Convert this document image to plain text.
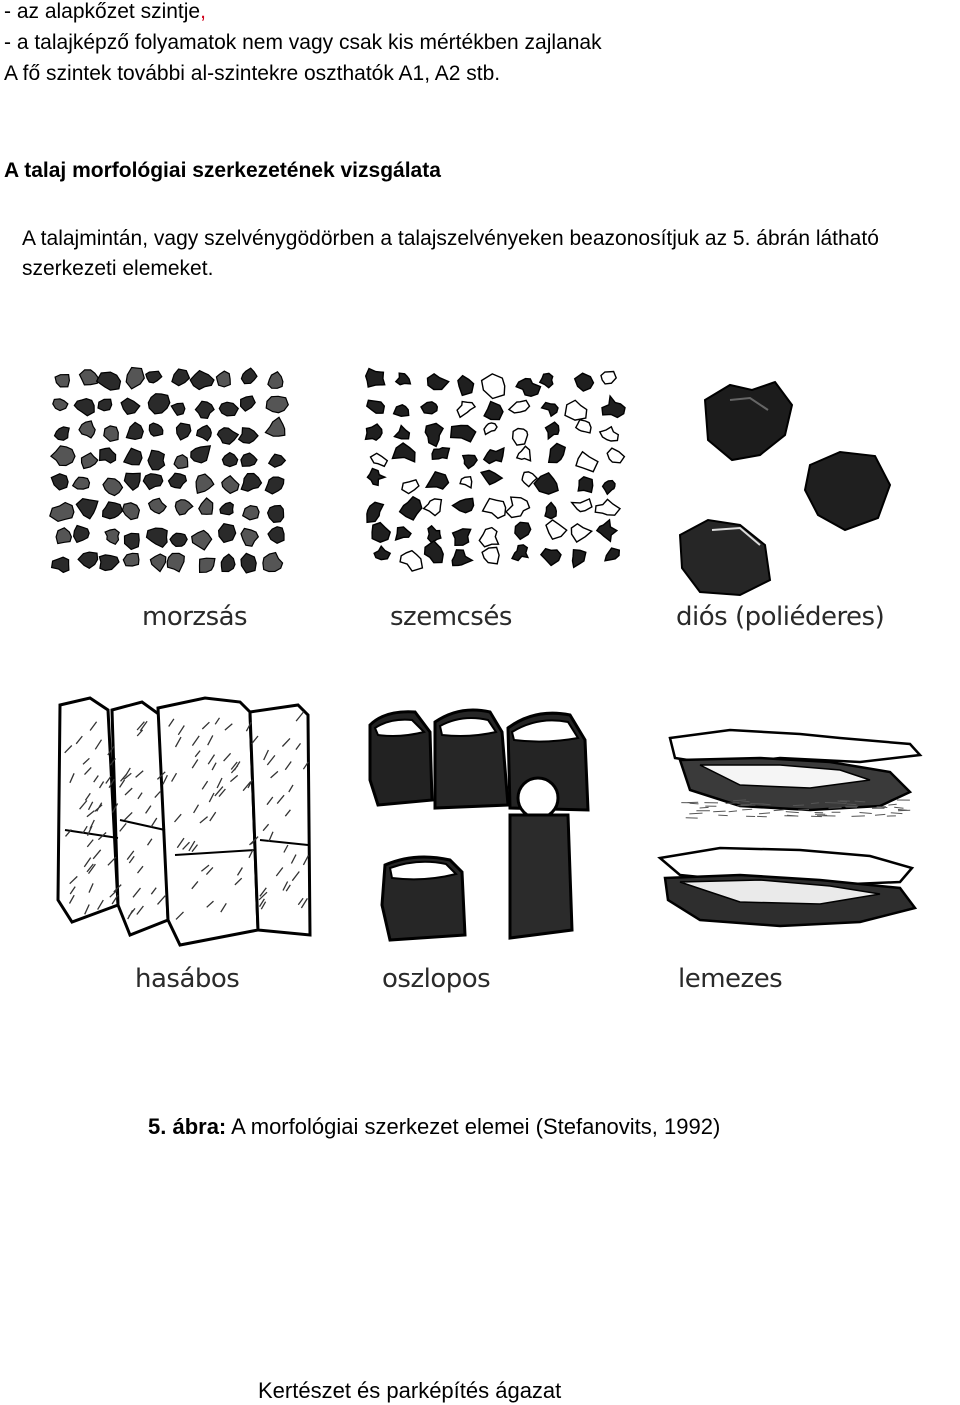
- az alapkőzet szintje,
- a talajképző folyamatok nem vagy csak kis mértékben zajlanak
A fő szintek további al-szintekre oszthatók A1, A2 stb.
A talaj morfológiai szerkezetének vizsgálata
A talajmintán, vagy szelvénygödörben a talajszelvényeken beazonosítjuk az 5. ábrán látható szerkezeti elemeket.
morzsás	szemcsés	diós (poliéderes)
hasábos	oszlopos	lemezes
5. ábra: A morfológiai szerkezet elemei (Stefanovits, 1992)
Kertészet és parképítés ágazat
